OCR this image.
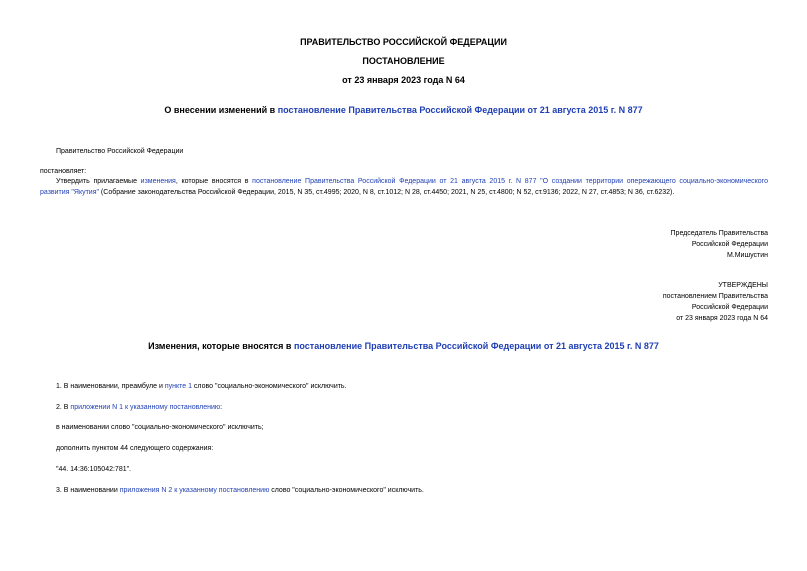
ПРАВИТЕЛЬСТВО РОССИЙСКОЙ ФЕДЕРАЦИИ
ПОСТАНОВЛЕНИЕ
от 23 января 2023 года N 64
О внесении изменений в постановление Правительства Российской Федерации от 21 августа 2015 г. N 877
Правительство Российской Федерации
постановляет:
Утвердить прилагаемые изменения, которые вносятся в постановление Правительства Российской Федерации от 21 августа 2015 г. N 877 "О создании территории опережающего социально-экономического
развития "Якутия" (Собрание законодательства Российской Федерации, 2015, N 35, ст.4995; 2020, N 8, ст.1012; N 28, ст.4450; 2021, N 25, ст.4800; N 52, ст.9136; 2022, N 27, ст.4853; N 36, ст.6232).
Председатель Правительства
Российской Федерации
М.Мишустин
УТВЕРЖДЕНЫ
постановлением Правительства
Российской Федерации
от 23 января 2023 года N 64
Изменения, которые вносятся в постановление Правительства Российской Федерации от 21 августа 2015 г. N 877
1. В наименовании, преамбуле и пункте 1 слово "социально-экономического" исключить.
2. В приложении N 1 к указанному постановлению:
в наименовании слово "социально-экономического" исключить;
дополнить пунктом 44 следующего содержания:
"44. 14:36:105042:781".
3. В наименовании приложения N 2 к указанному постановлению слово "социально-экономического" исключить.
